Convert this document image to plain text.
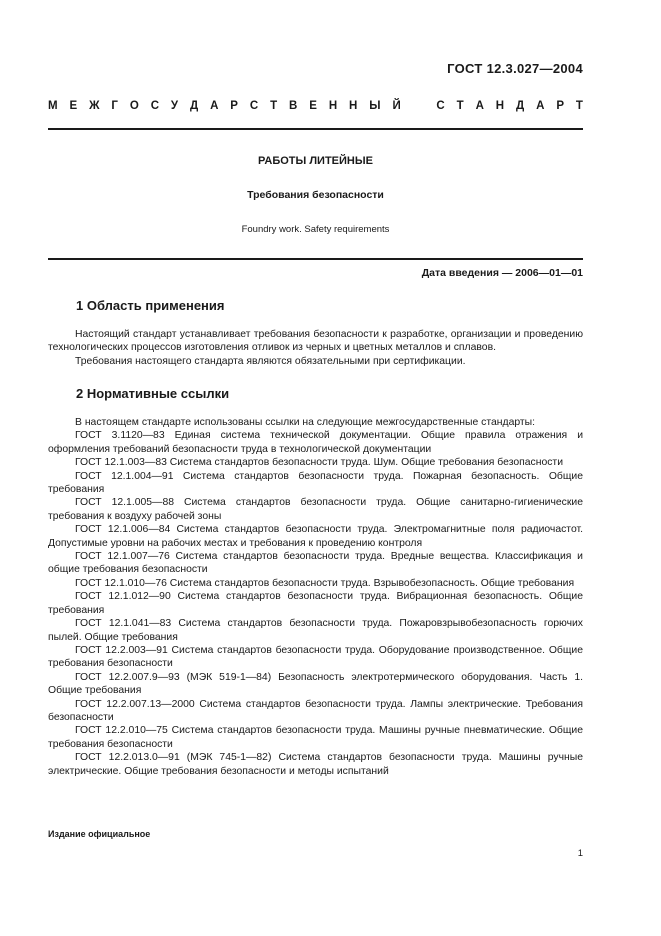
ГОСТ 12.3.027—2004
М Е Ж Г О С У Д А Р С Т В Е Н Н Ы Й	С Т А Н Д А Р Т
РАБОТЫ ЛИТЕЙНЫЕ
Требования безопасности
Foundry work. Safety requirements
Дата введения — 2006—01—01
1 Область применения

Настоящий стандарт устанавливает требования безопасности к разработке, организации и проведению технологических процессов изготовления отливок из черных и цветных металлов и сплавов.

Требования настоящего стандарта являются обязательными при сертификации.

2 Нормативные ссылки

В настоящем стандарте использованы ссылки на следующие межгосударственные стандарты:

ГОСТ 3.1120—83 Единая система технической документации. Общие правила отражения и оформления требований безопасности труда в технологической документации

ГОСТ 12.1.003—83 Система стандартов безопасности труда. Шум. Общие требования безопасности

ГОСТ 12.1.004—91 Система стандартов безопасности труда. Пожарная безопасность. Общие требования

ГОСТ 12.1.005—88 Система стандартов безопасности труда. Общие санитарно-гигиенические требования к воздуху рабочей зоны

ГОСТ 12.1.006—84 Система стандартов безопасности труда. Электромагнитные поля радиочастот. Допустимые уровни на рабочих местах и требования к проведению контроля

ГОСТ 12.1.007—76 Система стандартов безопасности труда. Вредные вещества. Классификация и общие требования безопасности

ГОСТ 12.1.010—76 Система стандартов безопасности труда. Взрывобезопасность. Общие требования

ГОСТ 12.1.012—90 Система стандартов безопасности труда. Вибрационная безопасность. Общие требования

ГОСТ 12.1.041—83 Система стандартов безопасности труда. Пожаровзрывобезопасность горючих пылей. Общие требования

ГОСТ 12.2.003—91 Система стандартов безопасности труда. Оборудование производственное. Общие требования безопасности

ГОСТ 12.2.007.9—93 (МЭК 519-1—84) Безопасность электротермического оборудования. Часть 1. Общие требования

ГОСТ 12.2.007.13—2000 Система стандартов безопасности труда. Лампы электрические. Требования безопасности

ГОСТ 12.2.010—75 Система стандартов безопасности труда. Машины ручные пневматические. Общие требования безопасности

ГОСТ 12.2.013.0—91 (МЭК 745-1—82) Система стандартов безопасности труда. Машины ручные электрические. Общие требования безопасности и методы испытаний

Издание официальное
1
